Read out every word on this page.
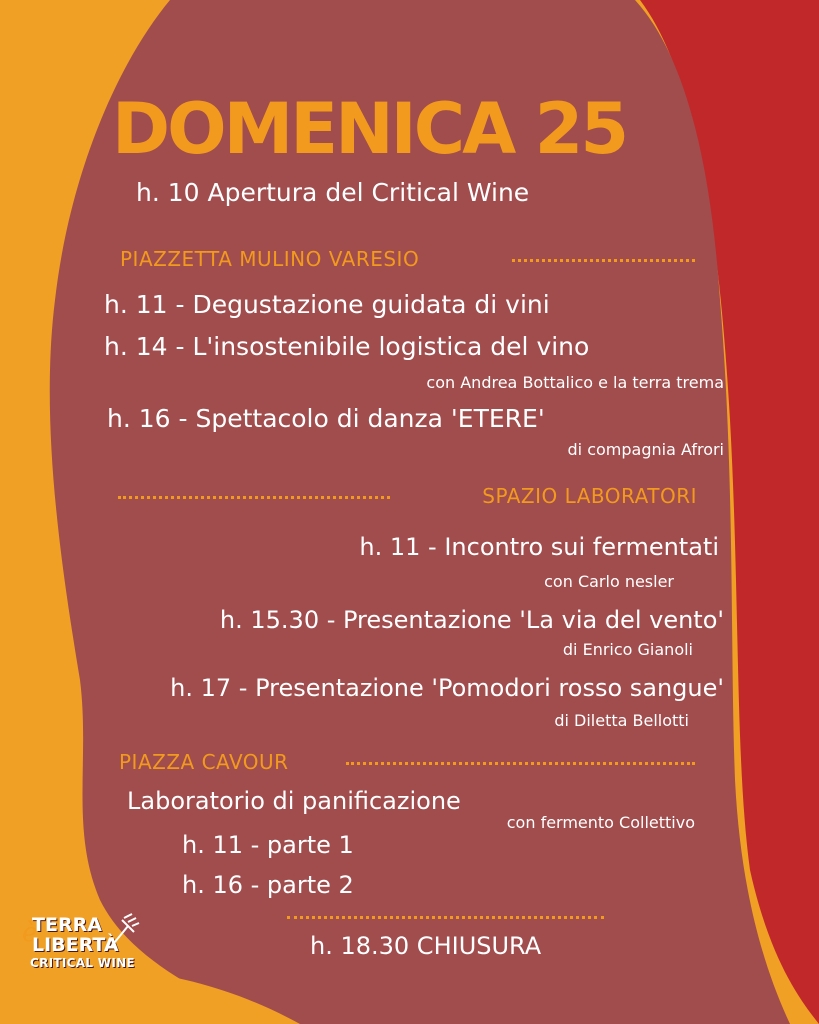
DOMENICA 25
h. 10 Apertura del Critical Wine
PIAZZETTA MULINO VARESIO
h. 11 - Degustazione guidata di vini
h. 14 - L'insostenibile logistica del vino
con Andrea Bottalico e la terra trema
h. 16 - Spettacolo di danza 'ETERE'
di compagnia Afrori
SPAZIO LABORATORI
h. 11 - Incontro sui fermentati
con Carlo nesler
h. 15.30 - Presentazione 'La via del vento'
di Enrico Gianoli
h. 17 - Presentazione 'Pomodori rosso sangue'
di Diletta Bellotti
PIAZZA CAVOUR
Laboratorio di panificazione
con fermento Collettivo
h. 11 - parte 1
h. 16 - parte 2
h. 18.30 CHIUSURA
è
TERRA
LIBERTÀ
CRITICAL WINE
